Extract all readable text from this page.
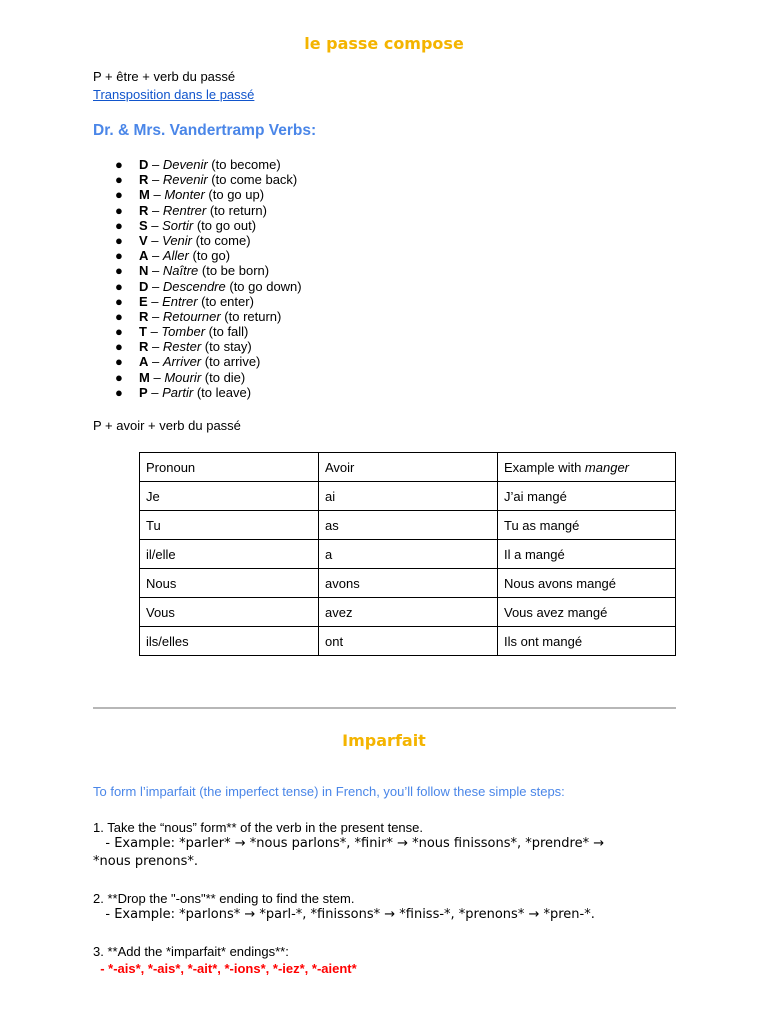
le passe compose
P + être + verb du passé
Transposition dans le passé
Dr. & Mrs. Vandertramp Verbs:
● D – Devenir (to become)
● R – Revenir (to come back)
● M – Monter (to go up)
● R – Rentrer (to return)
● S – Sortir (to go out)
● V – Venir (to come)
● A – Aller (to go)
● N – Naître (to be born)
● D – Descendre (to go down)
● E – Entrer (to enter)
● R – Retourner (to return)
● T – Tomber (to fall)
● R – Rester (to stay)
● A – Arriver (to arrive)
● M – Mourir (to die)
● P – Partir (to leave)
P + avoir + verb du passé
Pronoun	Avoir	Example with manger
Je	ai	J’ai mangé
Tu	as	Tu as mangé
il/elle	a	Il a mangé
Nous	avons	Nous avons mangé
Vous	avez	Vous avez mangé
ils/elles	ont	Ils ont mangé
Imparfait
To form l’imparfait (the imperfect tense) in French, you’ll follow these simple steps:
1. Take the “nous” form** of the verb in the present tense.
- Example: *parler* → *nous parlons*, *finir* → *nous finissons*, *prendre* →
*nous prenons*.
2. **Drop the "-ons"** ending to find the stem.
- Example: *parlons* → *parl-*, *finissons* → *finiss-*, *prenons* → *pren-*.
3. **Add the *imparfait* endings**:
- *-ais*, *-ais*, *-ait*, *-ions*, *-iez*, *-aient*
